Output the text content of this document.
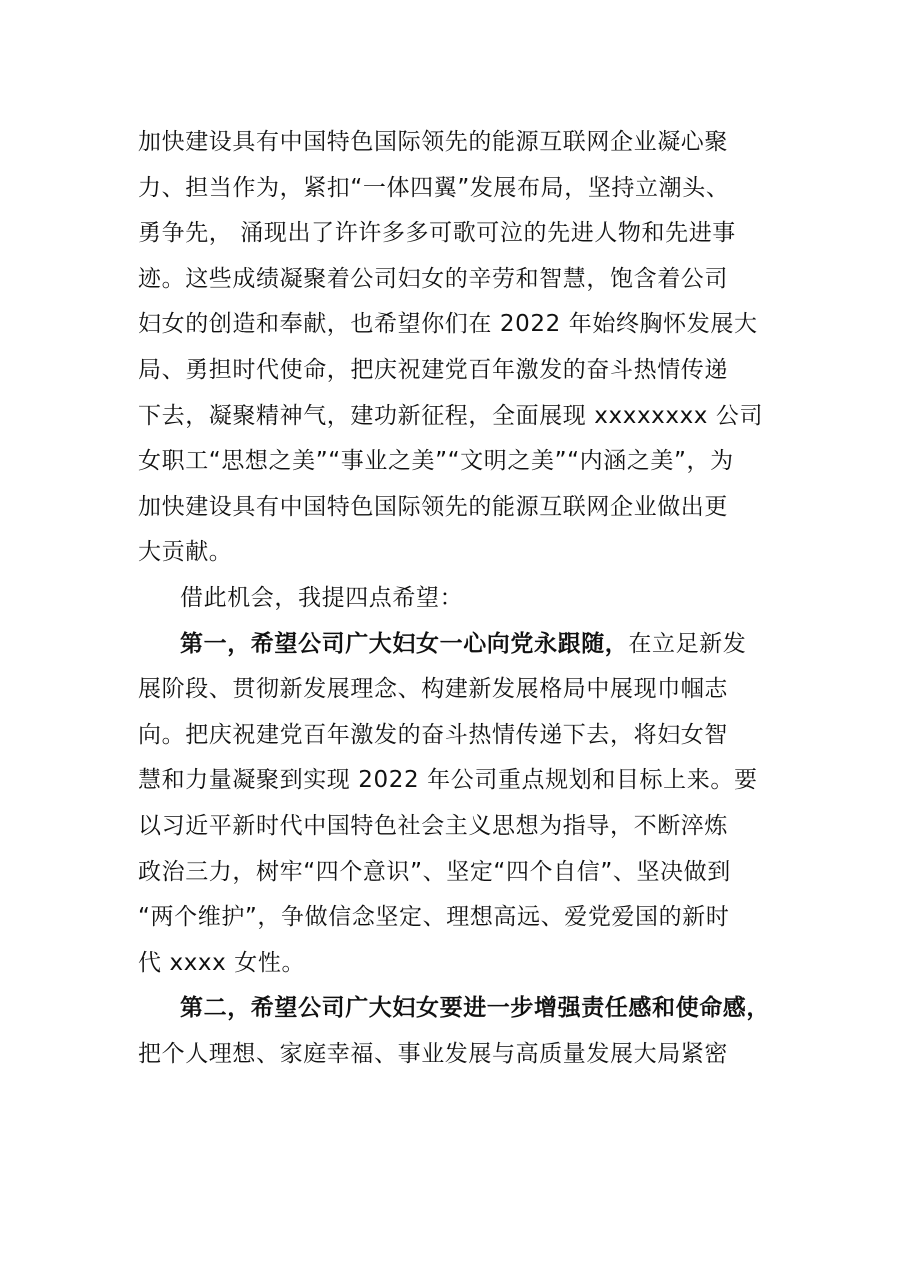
加快建设具有中国特色国际领先的能源互联网企业凝心聚
力、担当作为，紧扣“一体四翼”发展布局，坚持立潮头、
勇争先， 涌现出了许许多多可歌可泣的先进人物和先进事
迹。这些成绩凝聚着公司妇女的辛劳和智慧，饱含着公司
妇女的创造和奉献，也希望你们在 2022 年始终胸怀发展大
局、勇担时代使命，把庆祝建党百年激发的奋斗热情传递
下去，凝聚精神气，建功新征程，全面展现 xxxxxxxx 公司
女职工“思想之美”“事业之美”“文明之美”“内涵之美”，为
加快建设具有中国特色国际领先的能源互联网企业做出更
大贡献。
借此机会，我提四点希望：
第一，希望公司广大妇女一心向党永跟随，在立足新发
展阶段、贯彻新发展理念、构建新发展格局中展现巾帼志
向。把庆祝建党百年激发的奋斗热情传递下去，将妇女智
慧和力量凝聚到实现 2022 年公司重点规划和目标上来。要
以习近平新时代中国特色社会主义思想为指导，不断淬炼
政治三力，树牢“四个意识”、坚定“四个自信”、坚决做到
“两个维护”，争做信念坚定、理想高远、爱党爱国的新时
代 xxxx 女性。
第二，希望公司广大妇女要进一步增强责任感和使命感，
把个人理想、家庭幸福、事业发展与高质量发展大局紧密
